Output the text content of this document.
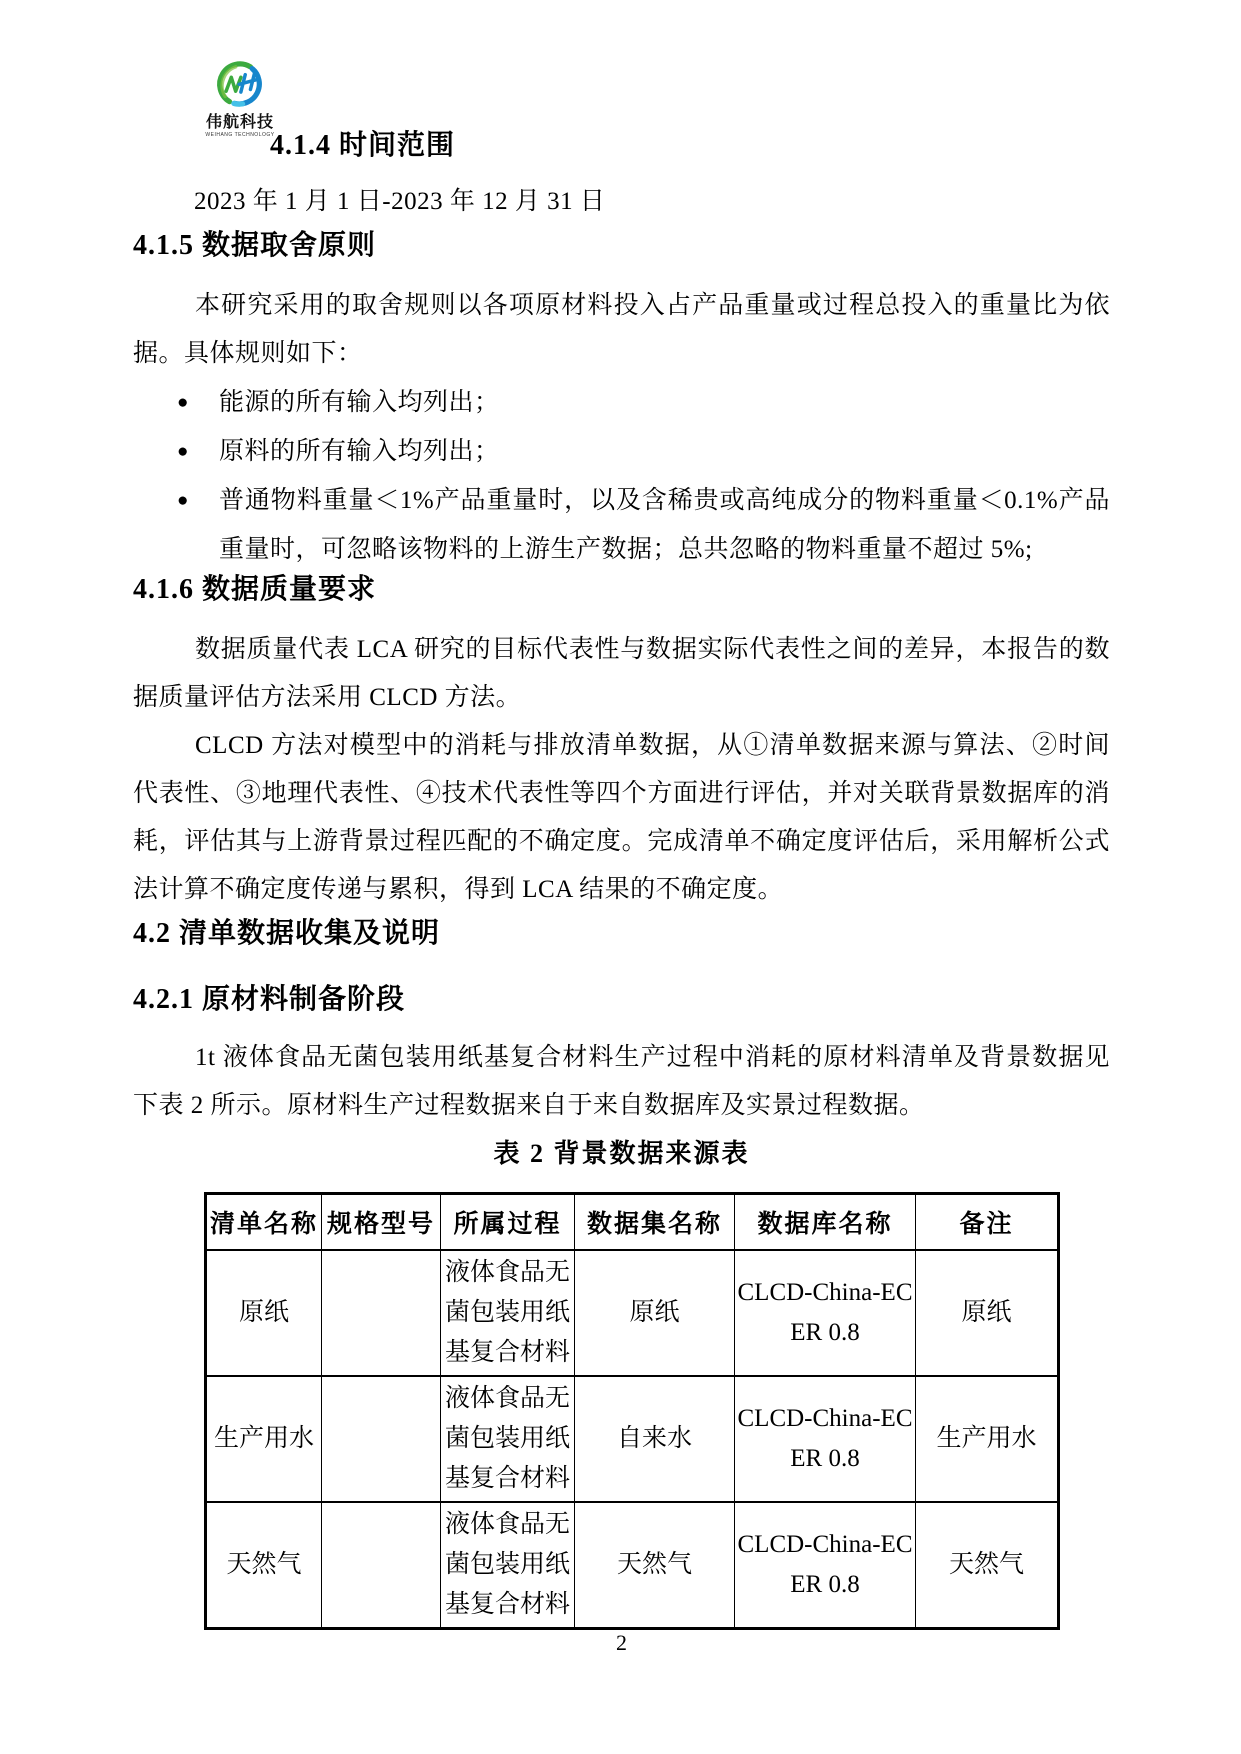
伟航科技
WEIHANG TECHNOLOGY
4.1.4 时间范围
2023 年 1 月 1 日-2023 年 12 月 31 日
4.1.5 数据取舍原则
本研究采用的取舍规则以各项原材料投入占产品重量或过程总投入的重量比为依据。具体规则如下：
●	能源的所有输入均列出；
●	原料的所有输入均列出；
●	普通物料重量＜1%产品重量时，以及含稀贵或高纯成分的物料重量＜0.1%产品重量时，可忽略该物料的上游生产数据；总共忽略的物料重量不超过 5%;
4.1.6 数据质量要求
数据质量代表 LCA 研究的目标代表性与数据实际代表性之间的差异，本报告的数据质量评估方法采用 CLCD 方法。
CLCD 方法对模型中的消耗与排放清单数据，从①清单数据来源与算法、②时间代表性、③地理代表性、④技术代表性等四个方面进行评估，并对关联背景数据库的消耗，评估其与上游背景过程匹配的不确定度。完成清单不确定度评估后，采用解析公式法计算不确定度传递与累积，得到 LCA 结果的不确定度。
4.2 清单数据收集及说明
4.2.1 原材料制备阶段
1t 液体食品无菌包装用纸基复合材料生产过程中消耗的原材料清单及背景数据见下表 2 所示。原材料生产过程数据来自于来自数据库及实景过程数据。
表 2 背景数据来源表
清单名称	规格型号	所属过程	数据集名称	数据库名称	备注
原纸		液体食品无菌包装用纸基复合材料	原纸	CLCD-China-ECER 0.8	原纸
生产用水		液体食品无菌包装用纸基复合材料	自来水	CLCD-China-ECER 0.8	生产用水
天然气		液体食品无菌包装用纸基复合材料	天然气	CLCD-China-ECER 0.8	天然气
2
